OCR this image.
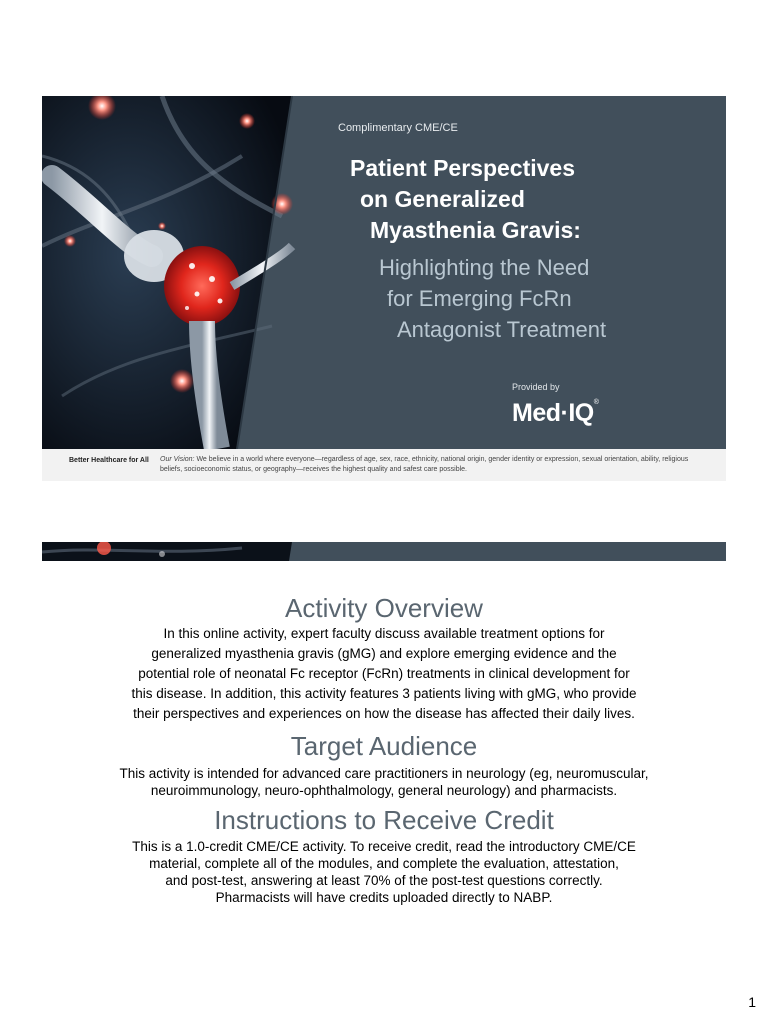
Complimentary CME/CE
Patient Perspectives
on Generalized
Myasthenia Gravis:
Highlighting the Need
for Emerging FcRn
Antagonist Treatment
Provided by
Med·IQ®
Better Healthcare for All Our Vision: We believe in a world where everyone—regardless of age, sex, race, ethnicity, national origin, gender identity or expression, sexual orientation, ability, religious beliefs, socioeconomic status, or geography—receives the highest quality and safest care possible.
Activity Overview
In this online activity, expert faculty discuss available treatment options for
generalized myasthenia gravis (gMG) and explore emerging evidence and the
potential role of neonatal Fc receptor (FcRn) treatments in clinical development for
this disease. In addition, this activity features 3 patients living with gMG, who provide
their perspectives and experiences on how the disease has affected their daily lives.
Target Audience
This activity is intended for advanced care practitioners in neurology (eg, neuromuscular,
neuroimmunology, neuro-ophthalmology, general neurology) and pharmacists.
Instructions to Receive Credit
This is a 1.0-credit CME/CE activity. To receive credit, read the introductory CME/CE
material, complete all of the modules, and complete the evaluation, attestation,
and post-test, answering at least 70% of the post-test questions correctly.
Pharmacists will have credits uploaded directly to NABP.
1
